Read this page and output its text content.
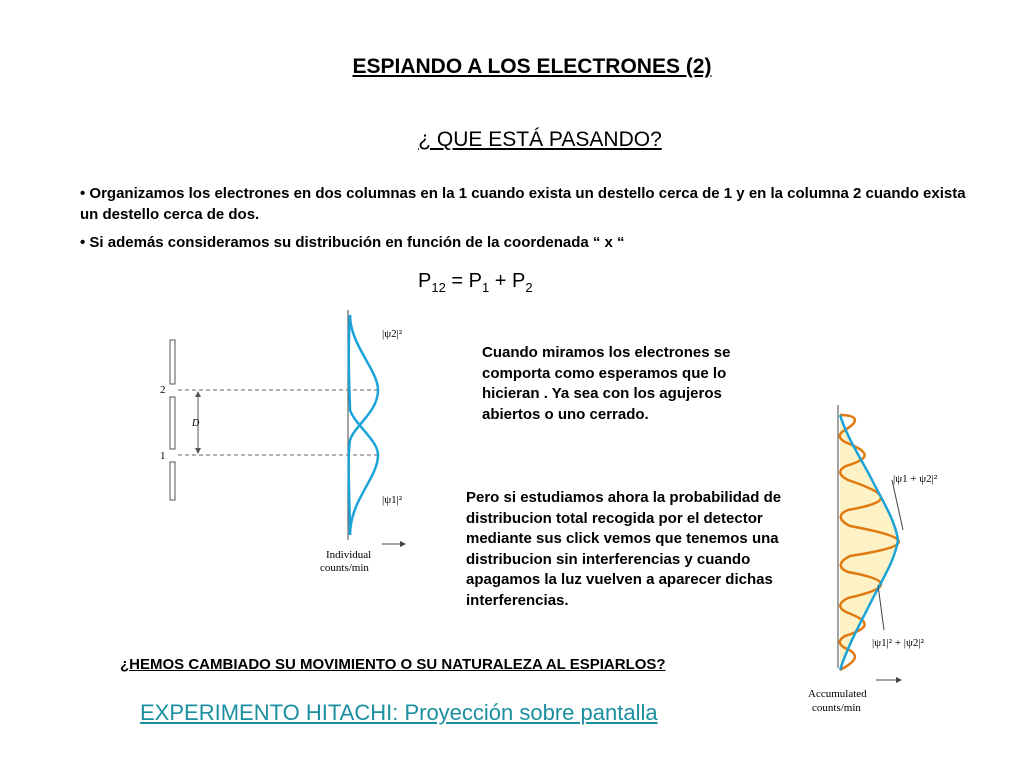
ESPIANDO A LOS ELECTRONES (2)
¿ QUE ESTÁ PASANDO?
• Organizamos los electrones en dos columnas en la 1 cuando exista un destello cerca de 1 y en la columna 2 cuando exista un destello cerca de dos.
• Si además consideramos su distribución en función de la coordenada “ x “
$P_{12} = P_1 + P_2$
2
1
D
|ψ2|²
|ψ1|²
Individual
counts/min
Cuando miramos los electrones se comporta como esperamos que lo hicieran . Ya sea con los agujeros abiertos o uno cerrado.
Pero si estudiamos ahora la probabilidad de distribucion total recogida por el detector mediante sus click vemos que tenemos una distribucion sin interferencias y cuando apagamos la luz vuelven a aparecer dichas interferencias.
|ψ1 + ψ2|²
|ψ1|² + |ψ2|²
Accumulated
counts/min
¿HEMOS CAMBIADO SU MOVIMIENTO O SU NATURALEZA AL ESPIARLOS?
EXPERIMENTO HITACHI: Proyección sobre pantalla
